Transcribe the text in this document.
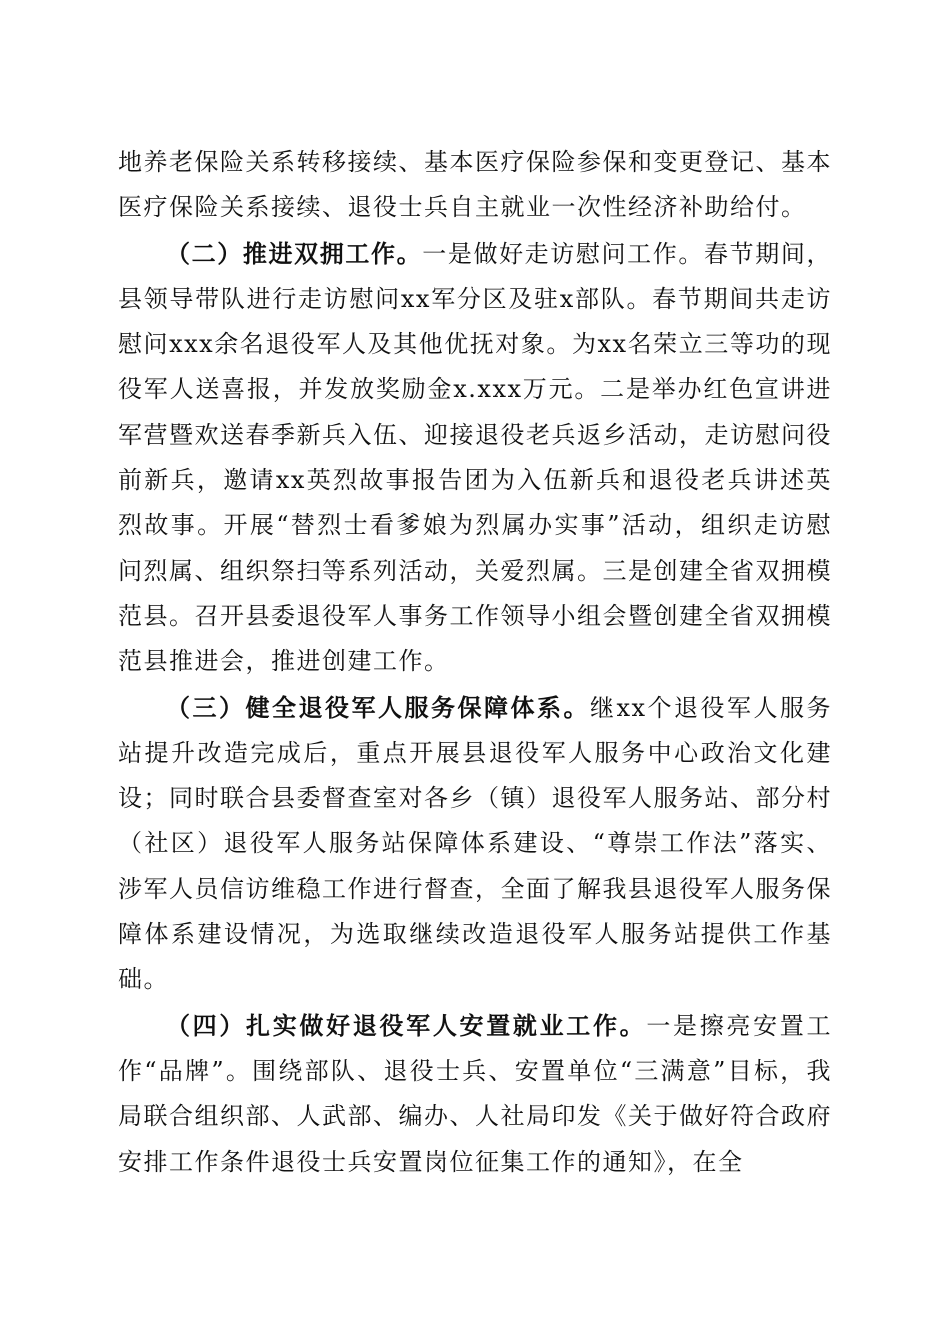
地养老保险关系转移接续、基本医疗保险参保和变更登记、基本医疗保险关系接续、退役士兵自主就业一次性经济补助给付。

（二）推进双拥工作。一是做好走访慰问工作。春节期间，县领导带队进行走访慰问xx军分区及驻x部队。春节期间共走访慰问xxx余名退役军人及其他优抚对象。为xx名荣立三等功的现役军人送喜报，并发放奖励金x.xxx万元。二是举办红色宣讲进军营暨欢送春季新兵入伍、迎接退役老兵返乡活动，走访慰问役前新兵，邀请xx英烈故事报告团为入伍新兵和退役老兵讲述英烈故事。开展“替烈士看爹娘为烈属办实事”活动，组织走访慰问烈属、组织祭扫等系列活动，关爱烈属。三是创建全省双拥模范县。召开县委退役军人事务工作领导小组会暨创建全省双拥模范县推进会，推进创建工作。

（三）健全退役军人服务保障体系。继xx个退役军人服务站提升改造完成后，重点开展县退役军人服务中心政治文化建设；同时联合县委督查室对各乡（镇）退役军人服务站、部分村（社区）退役军人服务站保障体系建设、“尊崇工作法”落实、涉军人员信访维稳工作进行督查，全面了解我县退役军人服务保障体系建设情况，为选取继续改造退役军人服务站提供工作基础。

（四）扎实做好退役军人安置就业工作。一是擦亮安置工作“品牌”。围绕部队、退役士兵、安置单位“三满意”目标，我局联合组织部、人武部、编办、人社局印发《关于做好符合政府安排工作条件退役士兵安置岗位征集工作的通知》，在全
